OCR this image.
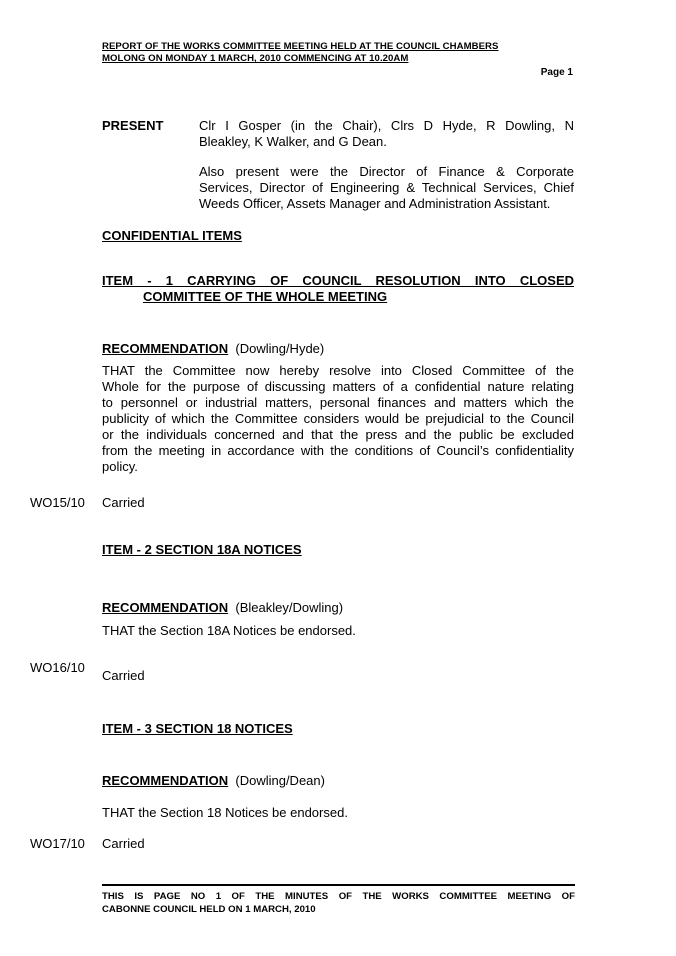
REPORT OF THE WORKS COMMITTEE MEETING HELD AT THE COUNCIL CHAMBERS
MOLONG ON MONDAY 1 MARCH, 2010 COMMENCING AT 10.20AM
Page 1
PRESENT	Clr I Gosper (in the Chair), Clrs D Hyde, R Dowling, N
Bleakley, K Walker, and G Dean.
Also present were the Director of Finance & Corporate
Services, Director of Engineering & Technical Services, Chief
Weeds Officer, Assets Manager and Administration Assistant.
CONFIDENTIAL ITEMS
ITEM - 1 CARRYING OF COUNCIL RESOLUTION INTO CLOSED
COMMITTEE OF THE WHOLE MEETING
RECOMMENDATION (Dowling/Hyde)
THAT the Committee now hereby resolve into Closed Committee of the
Whole for the purpose of discussing matters of a confidential nature relating
to personnel or industrial matters, personal finances and matters which the
publicity of which the Committee considers would be prejudicial to the Council
or the individuals concerned and that the press and the public be excluded
from the meeting in accordance with the conditions of Council’s confidentiality
policy.
WO15/10 Carried
ITEM - 2 SECTION 18A NOTICES
RECOMMENDATION (Bleakley/Dowling)
THAT the Section 18A Notices be endorsed.
WO16/10
Carried
ITEM - 3 SECTION 18 NOTICES
RECOMMENDATION (Dowling/Dean)
THAT the Section 18 Notices be endorsed.
WO17/10 Carried
THIS IS PAGE NO 1 OF THE MINUTES OF THE WORKS COMMITTEE MEETING OF
CABONNE COUNCIL HELD ON 1 MARCH, 2010
